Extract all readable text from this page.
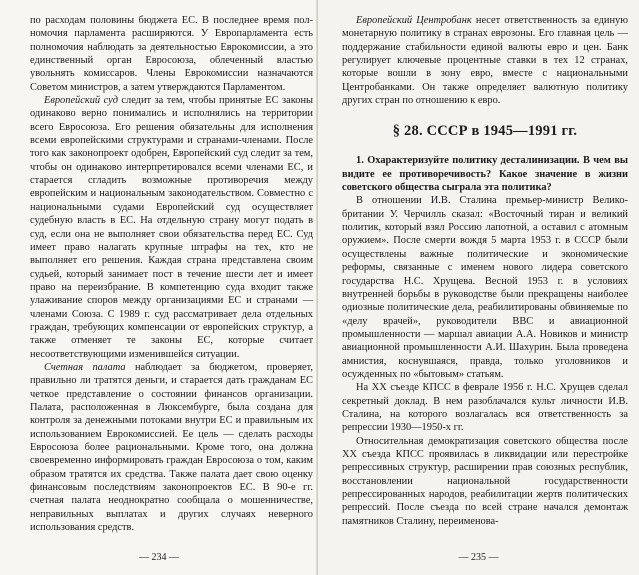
по расходам половины бюджета ЕС. В последнее время полномочия парламента расширяются. У Европарламента есть полномочия наблюдать за деятельностью Еврокомиссии, а это единственный орган Евросоюза, облеченный властью увольнять комиссаров. Члены Еврокомиссии назначаются Советом министров, а затем утверждаются Парламентом.

Европейский суд следит за тем, чтобы принятые ЕС законы одинаково верно понимались и исполнялись на территории всего Евросоюза. Его решения обязательны для исполнения всеми европейскими структурами и странами-членами. После того как законопроект одобрен, Европейский суд следит за тем, чтобы он одинаково интерпретировался всеми членами ЕС, и старается сгладить возможные противоречия между европейским и национальным законодательством. Совместно с национальными судами Европейский суд осуществляет судебную власть в ЕС. На отдельную страну могут подать в суд, если она не выполняет свои обязательства перед ЕС. Суд имеет право налагать крупные штрафы на тех, кто не выполняет его решения. Каждая страна представлена своим судьей, который занимает пост в течение шести лет и имеет право на переизбрание. В компетенцию суда входит также улаживание споров между организациями ЕС и странами — членами Союза. С 1989 г. суд рассматривает дела отдельных граждан, требующих компенсации от европейских структур, а также отменяет те законы ЕС, которые считает несоответствующими изменившейся ситуации.

Счетная палата наблюдает за бюджетом, проверяет, правильно ли тратятся деньги, и старается дать гражданам ЕС четкое представление о состоянии финансов организации. Палата, расположенная в Люксембурге, была создана для контроля за денежными потоками внутри ЕС и правильным их использованием Еврокомиссией. Ее цель — сделать расходы Евросоюза более рациональными. Кроме того, она должна своевременно информировать граждан Евросоюза о том, каким образом тратятся их средства. Также палата дает свою оценку финансовым последствиям законопроектов ЕС. В 90-е гг. счетная палата неоднократно сообщала о мошенничестве, неправильных выплатах и других случаях неверного использования средств.

— 234 —

Европейский Центробанк несет ответственность за единую монетарную политику в странах еврозоны. Его главная цель — поддержание стабильности единой валюты евро и цен. Банк регулирует ключевые процентные ставки в тех 12 странах, которые вошли в зону евро, вместе с национальными Центробанками. Он также определяет валютную политику других стран по отношению к евро.

§ 28. СССР в 1945—1991 гг.

1. Охарактеризуйте политику десталинизации. В чем вы видите ее противоречивость? Какое значение в жизни советского общества сыграла эта политика?

В отношении И.В. Сталина премьер-министр Великобритании У. Черчилль сказал: «Восточный тиран и великий политик, который взял Россию лапотной, а оставил с атомным оружием». После смерти вождя 5 марта 1953 г. в СССР были осуществлены важные политические и экономические реформы, связанные с именем нового лидера советского государства Н.С. Хрущева. Весной 1953 г. в условиях внутренней борьбы в руководстве были прекращены наиболее одиозные политические дела, реабилитированы обвиняемые по «делу врачей», руководители ВВС и авиационной промышленности — маршал авиации А.А. Новиков и министр авиационной промышленности А.И. Шахурин. Была проведена амнистия, коснувшаяся, правда, только уголовников и осужденных по «бытовым» статьям.

На XX съезде КПСС в феврале 1956 г. Н.С. Хрущев сделал секретный доклад. В нем разоблачался культ личности И.В. Сталина, на которого возлагалась вся ответственность за репрессии 1930—1950-х гг.

Относительная демократизация советского общества после XX съезда КПСС проявилась в ликвидации или перестройке репрессивных структур, расширении прав союзных республик, восстановлении национальной государственности репрессированных народов, реабилитации жертв политических репрессий. После съезда по всей стране начался демонтаж памятников Сталину, переименова-

— 235 —
